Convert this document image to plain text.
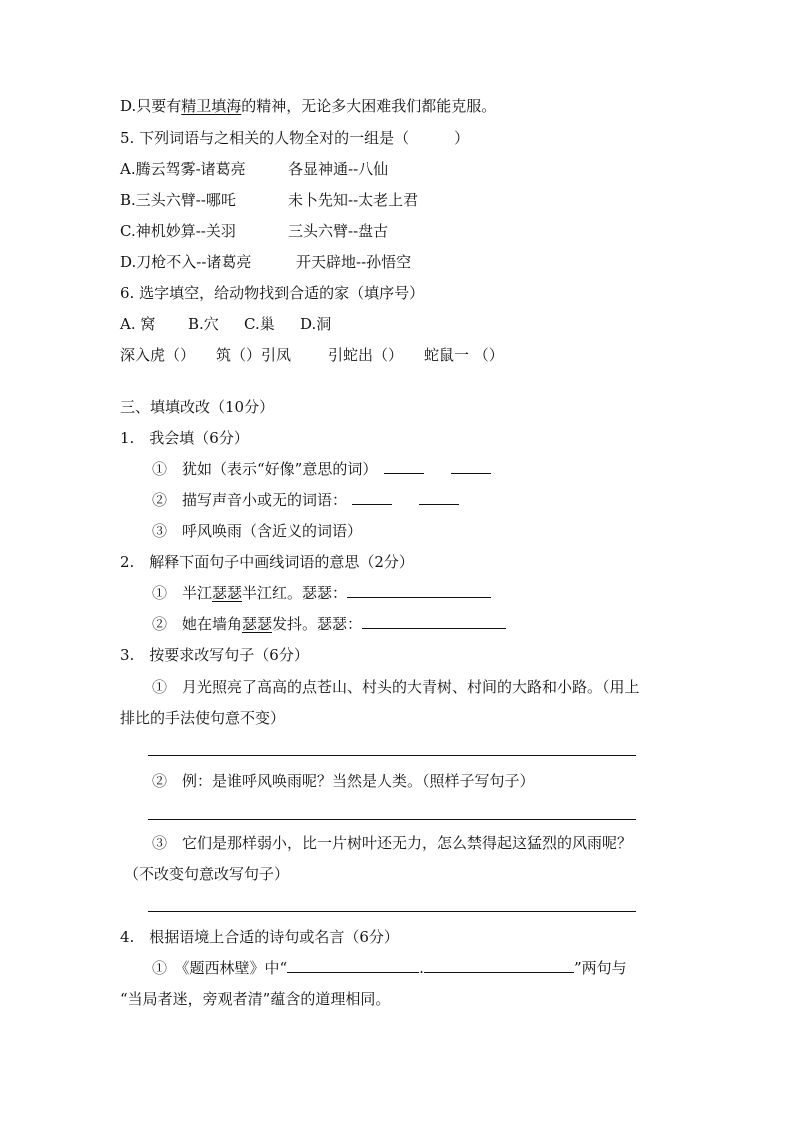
D.只要有精卫填海的精神，无论多大困难我们都能克服。
5. 下列词语与之相关的人物全对的一组是（　　　）
A.腾云驾雾-诸葛亮	各显神通--八仙
B.三头六臂--哪吒	未卜先知--太老上君
C.神机妙算--关羽	三头六臂--盘古
D.刀枪不入--诸葛亮	开天辟地--孙悟空
6. 选字填空，给动物找到合适的家（填序号）
A. 窝 B.穴 C.巢 D.洞
深入虎（） 筑（）引凤 引蛇出（） 蛇鼠一 （）
三、填填改改（10分）
1.　我会填（6分）
①　犹如（表示“好像”意思的词）
②　描写声音小或无的词语：
③　呼风唤雨（含近义的词语）
2.　解释下面句子中画线词语的意思（2分）
①　半江瑟瑟半江红。瑟瑟：
②　她在墙角瑟瑟发抖。瑟瑟：
3.　按要求改写句子（6分）
①　月光照亮了高高的点苍山、村头的大青树、村间的大路和小路。（用上
排比的手法使句意不变）
②　例：是谁呼风唤雨呢？当然是人类。（照样子写句子）
③　它们是那样弱小，比一片树叶还无力，怎么禁得起这猛烈的风雨呢？
（不改变句意改写句子）
4.　根据语境上合适的诗句或名言（6分）
①　《题西林壁》中“	.	”两句与
“当局者迷，旁观者清”蕴含的道理相同。
